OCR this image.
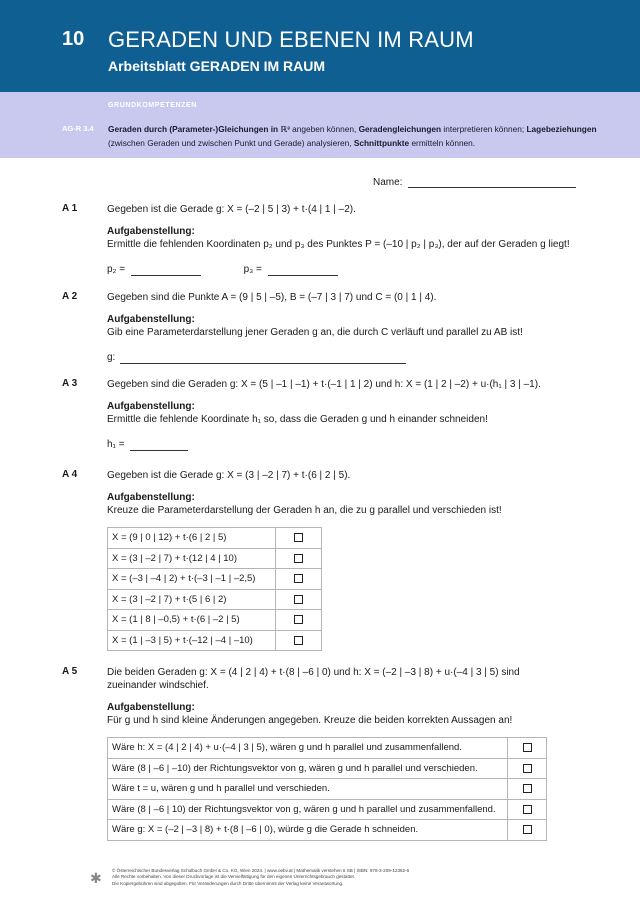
10 GERADEN UND EBENEN IM RAUM
Arbeitsblatt GERADEN IM RAUM
GRUNDKOMPETENZEN
AG-R 3.4 Geraden durch (Parameter-)Gleichungen in ℝ³ angeben können, Geradengleichungen interpretieren können; Lagebeziehungen (zwischen Geraden und zwischen Punkt und Gerade) analysieren, Schnittpunkte ermitteln können.
Name:
A 1	Gegeben ist die Gerade g: X = (–2 | 5 | 3) + t·(4 | 1 | –2).
Aufgabenstellung:
Ermittle die fehlenden Koordinaten p₂ und p₃ des Punktes P = (–10 | p₂ | p₃), der auf der Geraden g liegt!
p₂ =	p₃ =
A 2	Gegeben sind die Punkte A = (9 | 5 | –5), B = (–7 | 3 | 7) und C = (0 | 1 | 4).
Aufgabenstellung:
Gib eine Parameterdarstellung jener Geraden g an, die durch C verläuft und parallel zu AB ist!
g:
A 3	Gegeben sind die Geraden g: X = (5 | –1 | –1) + t·(–1 | 1 | 2) und h: X = (1 | 2 | –2) + u·(h₁ | 3 | –1).
Aufgabenstellung:
Ermittle die fehlende Koordinate h₁ so, dass die Geraden g und h einander schneiden!
h₁ =
A 4	Gegeben ist die Gerade g: X = (3 | –2 | 7) + t·(6 | 2 | 5).
Aufgabenstellung:
Kreuze die Parameterdarstellung der Geraden h an, die zu g parallel und verschieden ist!
X = (9 | 0 | 12) + t·(6 | 2 | 5)	
X = (3 | –2 | 7) + t·(12 | 4 | 10)	
X = (–3 | –4 | 2) + t·(–3 | –1 | –2,5)	
X = (3 | –2 | 7) + t·(5 | 6 | 2)	
X = (1 | 8 | –0,5) + t·(6 | –2 | 5)	
X = (1 | –3 | 5) + t·(–12 | –4 | –10)	
A 5	Die beiden Geraden g: X = (4 | 2 | 4) + t·(8 | –6 | 0) und h: X = (–2 | –3 | 8) + u·(–4 | 3 | 5) sind zueinander windschief.
Aufgabenstellung:
Für g und h sind kleine Änderungen angegeben. Kreuze die beiden korrekten Aussagen an!
Wäre h: X = (4 | 2 | 4) + u·(–4 | 3 | 5), wären g und h parallel und zusammenfallend.	
Wäre (8 | –6 | –10) der Richtungsvektor von g, wären g und h parallel und verschieden.	
Wäre t = u, wären g und h parallel und verschieden.	
Wäre (8 | –6 | 10) der Richtungsvektor von g, wären g und h parallel und zusammenfallend.	
Wäre g: X = (–2 | –3 | 8) + t·(8 | –6 | 0), würde g die Gerade h schneiden.	
✱ © Österreichischer Bundesverlag Schulbuch GmbH & Co. KG, Wien 2024. | www.oebv.at | Mathematik verstehen 6 SB | ISBN: 978-3-209-12362-6
Alle Rechte vorbehalten. Von dieser Druckvorlage ist die Vervielfältigung für den eigenen Unterrichtsgebrauch gestattet.
Die Kopiergebühren sind abgegolten. Für Veränderungen durch Dritte übernimmt der Verlag keine Verantwortung.
